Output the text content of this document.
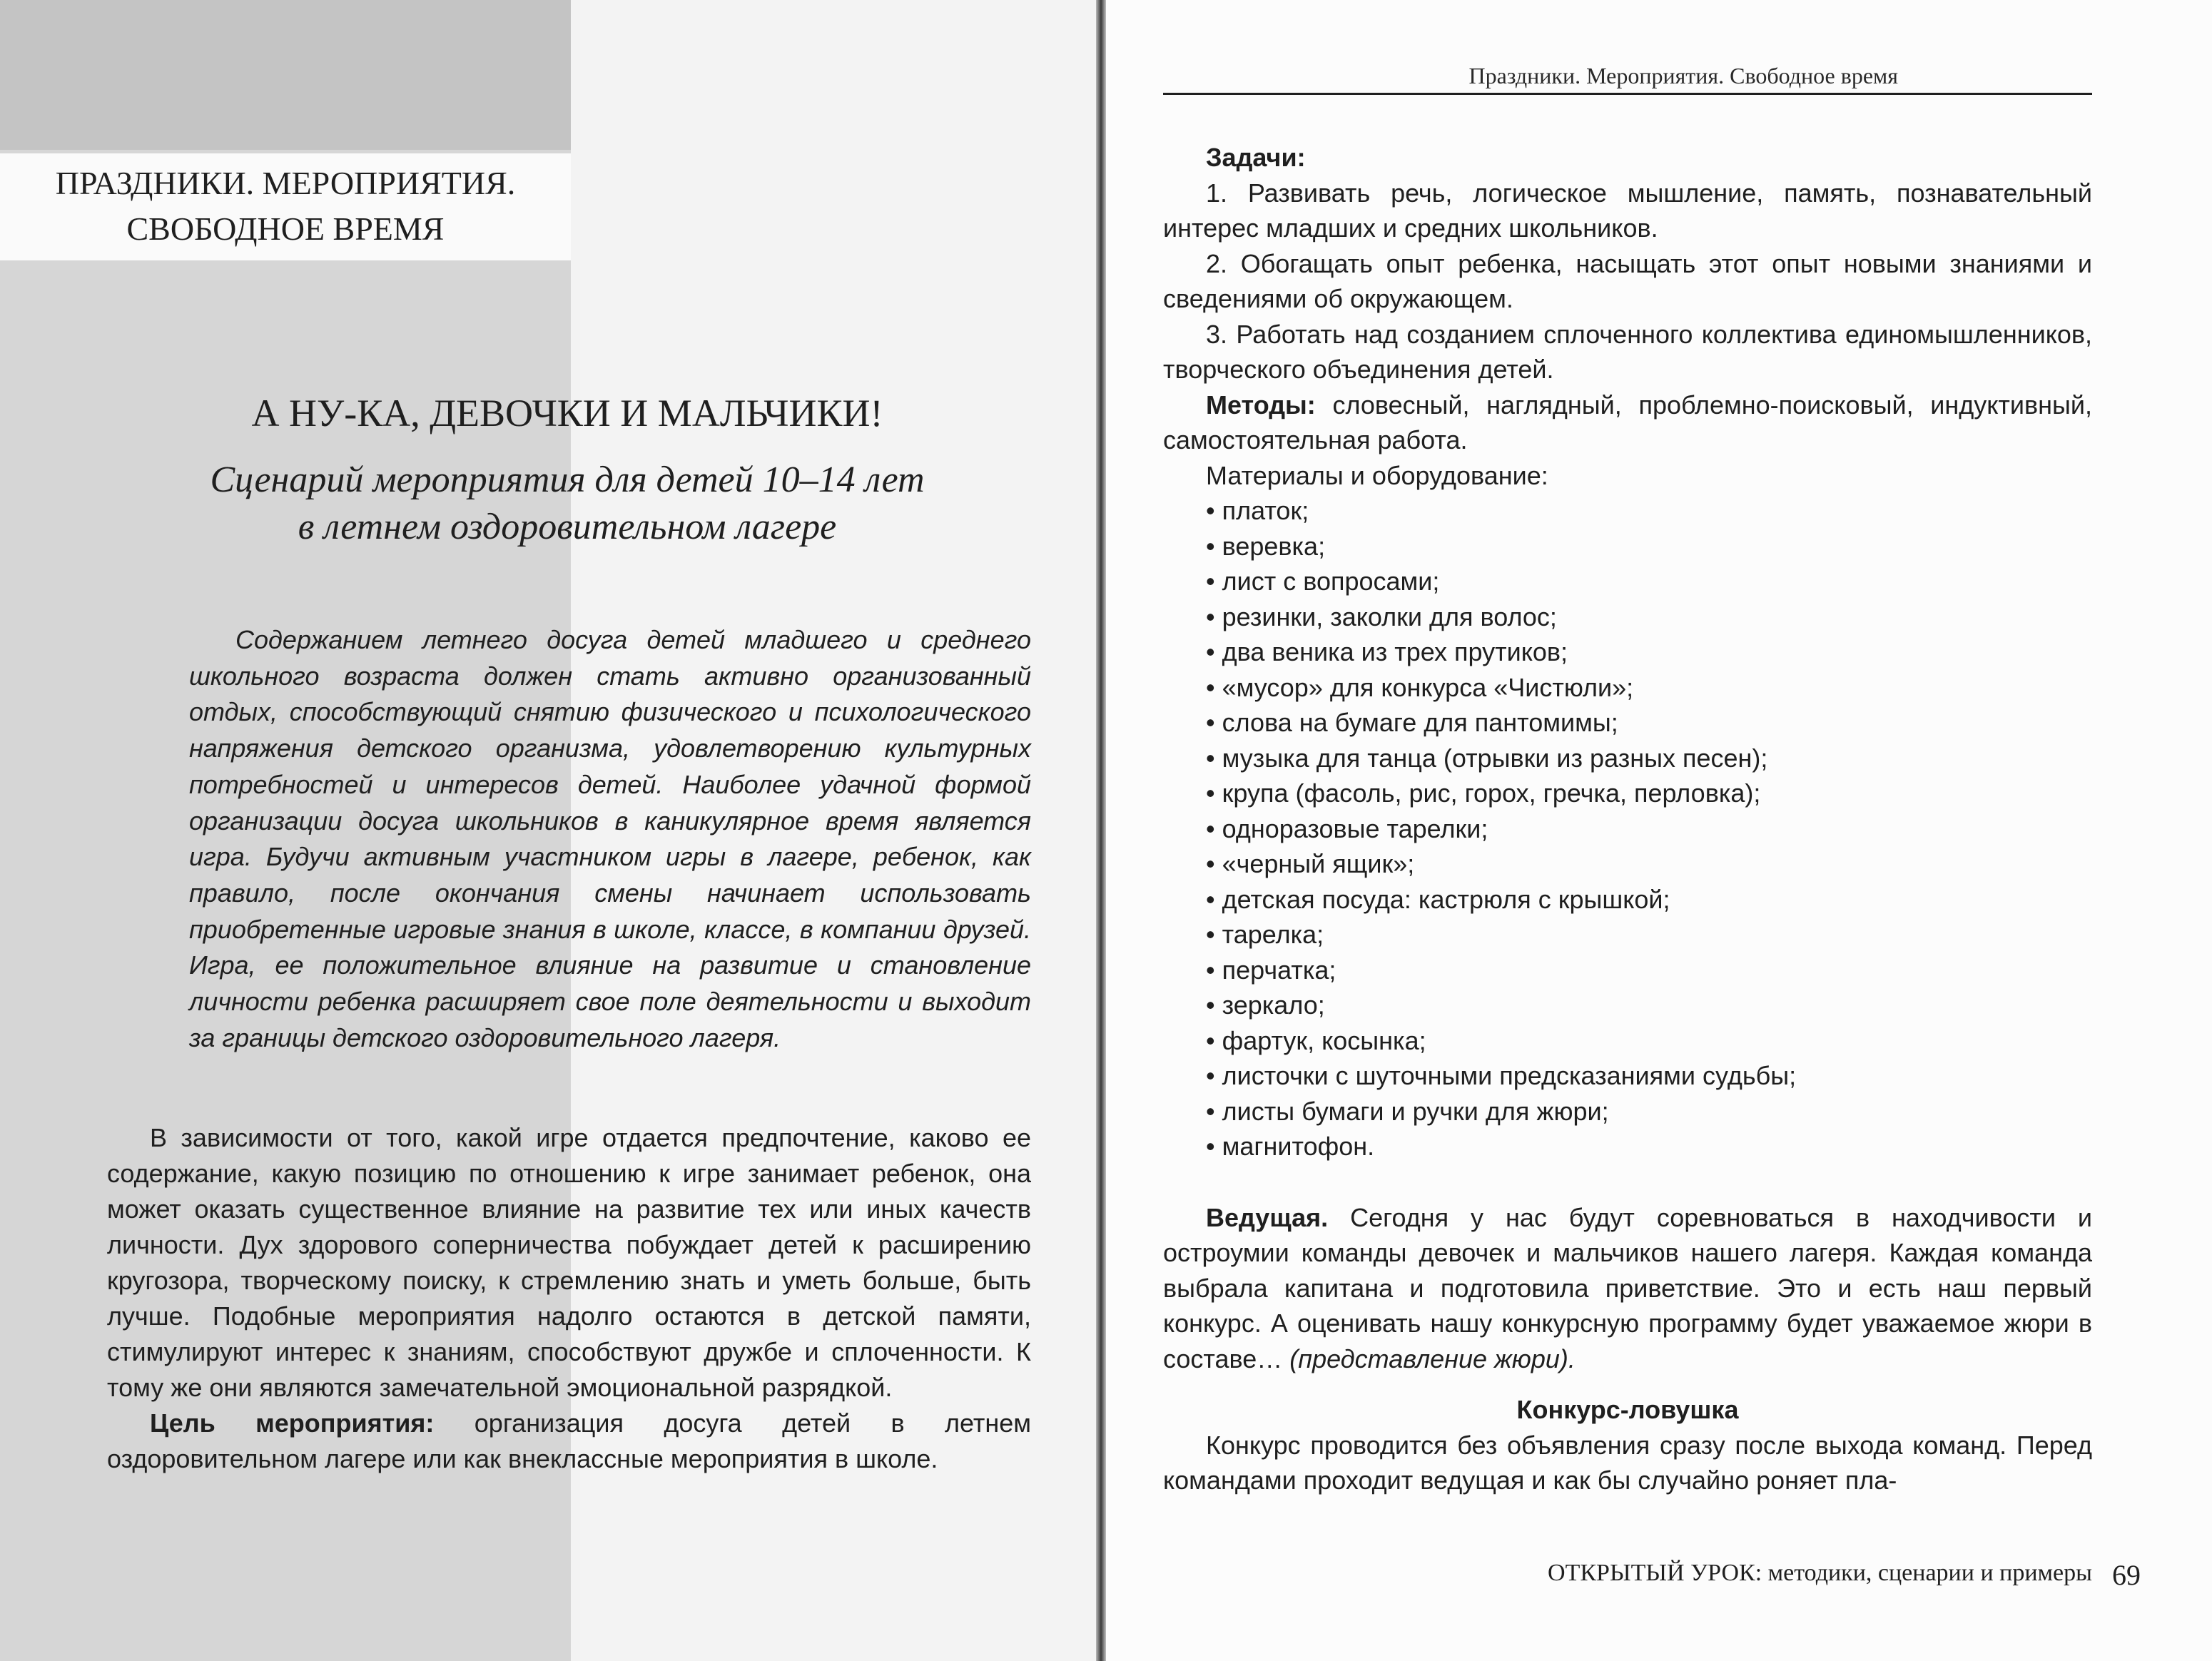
ПРАЗДНИКИ. МЕРОПРИЯТИЯ.
СВОБОДНОЕ ВРЕМЯ
А НУ-КА, ДЕВОЧКИ И МАЛЬЧИКИ!
Сценарий мероприятия для детей 10–14 лет
в летнем оздоровительном лагере

Содержанием летнего досуга детей младшего и среднего школьного возраста должен стать активно организованный отдых, способствующий снятию физического и психологического напряжения детского организма, удовлетворению культурных потребностей и интересов детей. Наиболее удачной формой организации досуга школьников в каникулярное время является игра. Будучи активным участником игры в лагере, ребенок, как правило, после окончания смены начинает использовать приобретенные игровые знания в школе, классе, в компании друзей. Игра, ее положительное влияние на развитие и становление личности ребенка расширяет свое поле деятельности и выходит за границы детского оздоровительного лагеря.

В зависимости от того, какой игре отдается предпочтение, каково ее содержание, какую позицию по отношению к игре занимает ребенок, она может оказать существенное влияние на развитие тех или иных качеств личности. Дух здорового соперничества побуждает детей к расширению кругозора, творческому поиску, к стремлению знать и уметь больше, быть лучше. Подобные мероприятия надолго остаются в детской памяти, стимулируют интерес к знаниям, способствуют дружбе и сплоченности. К тому же они являются замечательной эмоциональной разрядкой.

Цель мероприятия: организация досуга детей в летнем оздоровительном лагере или как внеклассные мероприятия в школе.

Праздники. Мероприятия. Свободное время

Задачи:

1. Развивать речь, логическое мышление, память, познавательный интерес младших и средних школьников.

2. Обогащать опыт ребенка, насыщать этот опыт новыми знаниями и сведениями об окружающем.

3. Работать над созданием сплоченного коллектива единомышленников, творческого объединения детей.

Методы: словесный, наглядный, проблемно-поисковый, индуктивный, самостоятельная работа.

Материалы и оборудование:

• платок;
• веревка;
• лист с вопросами;
• резинки, заколки для волос;
• два веника из трех прутиков;
• «мусор» для конкурса «Чистюли»;
• слова на бумаге для пантомимы;
• музыка для танца (отрывки из разных песен);
• крупа (фасоль, рис, горох, гречка, перловка);
• одноразовые тарелки;
• «черный ящик»;
• детская посуда: кастрюля с крышкой;
• тарелка;
• перчатка;
• зеркало;
• фартук, косынка;
• листочки с шуточными предсказаниями судьбы;
• листы бумаги и ручки для жюри;
• магнитофон.

Ведущая. Сегодня у нас будут соревноваться в находчивости и остроумии команды девочек и мальчиков нашего лагеря. Каждая команда выбрала капитана и подготовила приветствие. Это и есть наш первый конкурс. А оценивать нашу конкурсную программу будет уважаемое жюри в составе… (представление жюри).

Конкурс-ловушка

Конкурс проводится без объявления сразу после выхода команд. Перед командами проходит ведущая и как бы случайно роняет пла-

ОТКРЫТЫЙ УРОК: методики, сценарии и примеры 69
